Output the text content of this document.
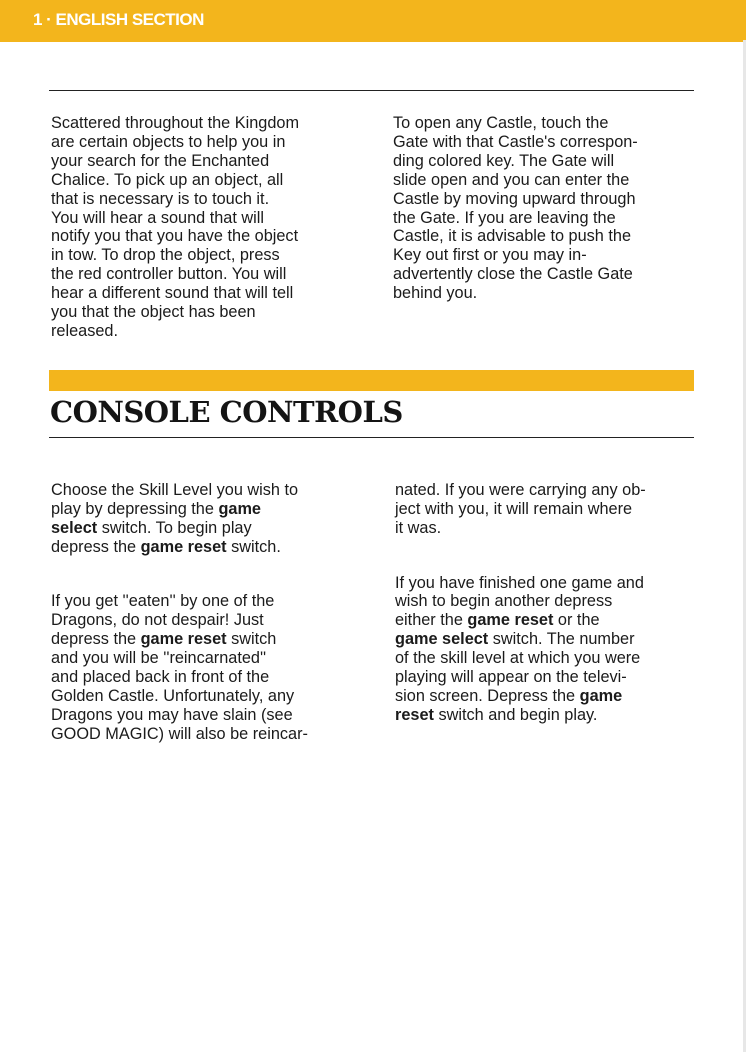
1 · ENGLISH SECTION
Scattered throughout the Kingdom
are certain objects to help you in
your search for the Enchanted
Chalice. To pick up an object, all
that is necessary is to touch it.
You will hear a sound that will
notify you that you have the object
in tow. To drop the object, press
the red controller button. You will
hear a different sound that will tell
you that the object has been
released.
To open any Castle, touch the
Gate with that Castle's correspon-
ding colored key. The Gate will
slide open and you can enter the
Castle by moving upward through
the Gate. If you are leaving the
Castle, it is advisable to push the
Key out first or you may in-
advertently close the Castle Gate
behind you.
CONSOLE CONTROLS

Choose the Skill Level you wish to
play by depressing the game
select switch. To begin play
depress the game reset switch.

If you get ''eaten'' by one of the
Dragons, do not despair! Just
depress the game reset switch
and you will be ''reincarnated''
and placed back in front of the
Golden Castle. Unfortunately, any
Dragons you may have slain (see
GOOD MAGIC) will also be reincar-

nated. If you were carrying any ob-
ject with you, it will remain where
it was.

If you have finished one game and
wish to begin another depress
either the game reset or the
game select switch. The number
of the skill level at which you were
playing will appear on the televi-
sion screen. Depress the game
reset switch and begin play.
